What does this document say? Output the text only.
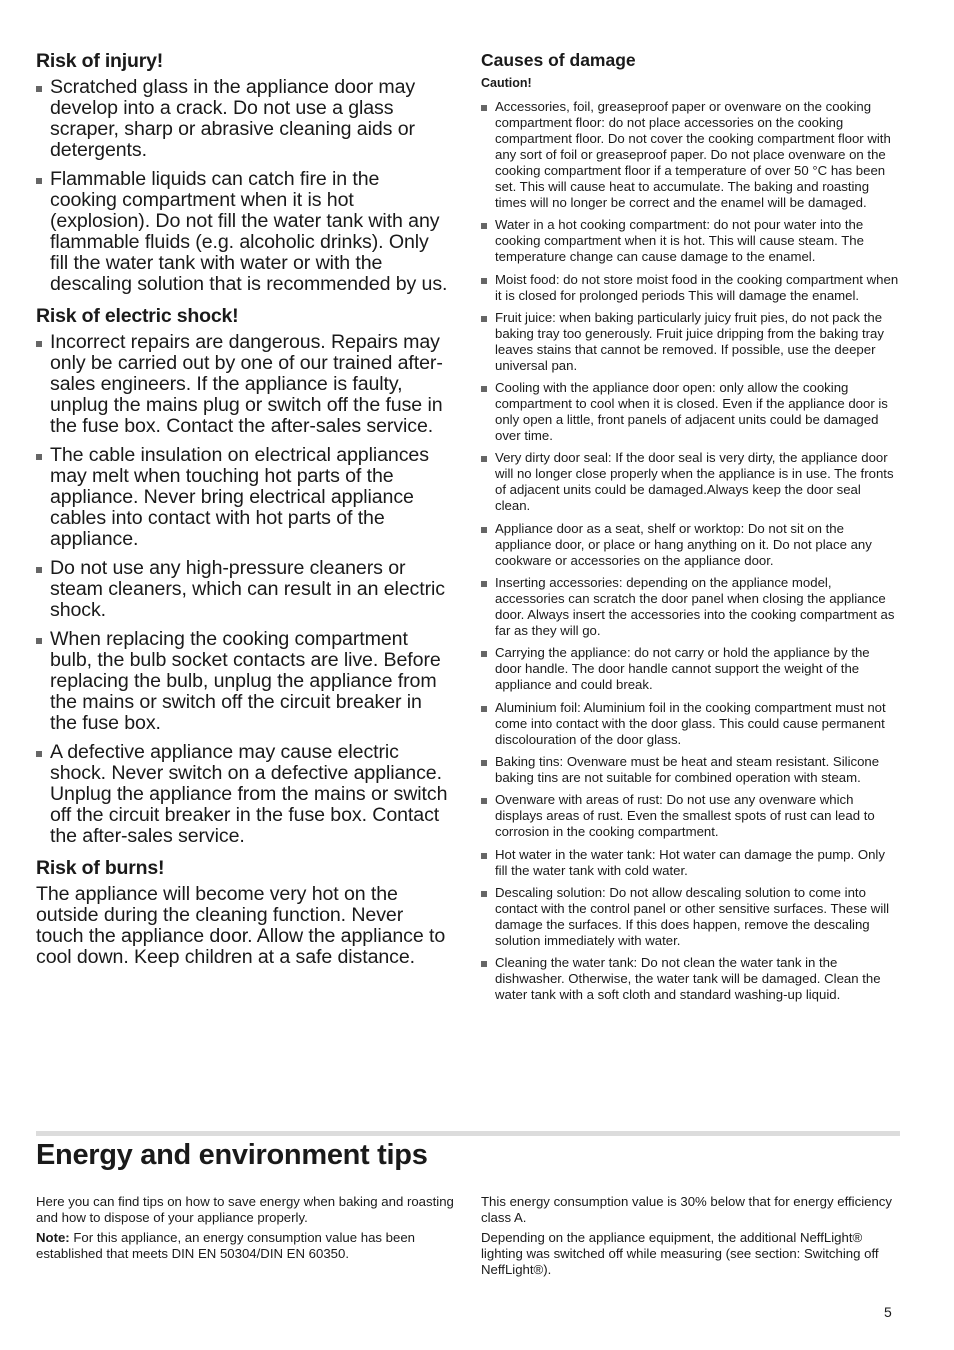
Risk of injury!
Scratched glass in the appliance door may develop into a crack. Do not use a glass scraper, sharp or abrasive cleaning aids or detergents.
Flammable liquids can catch fire in the cooking compartment when it is hot (explosion). Do not fill the water tank with any flammable fluids (e.g. alcoholic drinks). Only fill the water tank with water or with the descaling solution that is recommended by us.
Risk of electric shock!
Incorrect repairs are dangerous. Repairs may only be carried out by one of our trained after-sales engineers. If the appliance is faulty, unplug the mains plug or switch off the fuse in the fuse box. Contact the after-sales service.
The cable insulation on electrical appliances may melt when touching hot parts of the appliance. Never bring electrical appliance cables into contact with hot parts of the appliance.
Do not use any high-pressure cleaners or steam cleaners, which can result in an electric shock.
When replacing the cooking compartment bulb, the bulb socket contacts are live. Before replacing the bulb, unplug the appliance from the mains or switch off the circuit breaker in the fuse box.
A defective appliance may cause electric shock. Never switch on a defective appliance. Unplug the appliance from the mains or switch off the circuit breaker in the fuse box. Contact the after-sales service.
Risk of burns!

The appliance will become very hot on the outside during the cleaning function. Never touch the appliance door. Allow the appliance to cool down. Keep children at a safe distance.

Causes of damage
Caution!
Accessories, foil, greaseproof paper or ovenware on the cooking compartment floor: do not place accessories on the cooking compartment floor. Do not cover the cooking compartment floor with any sort of foil or greaseproof paper. Do not place ovenware on the cooking compartment floor if a temperature of over 50 °C has been set. This will cause heat to accumulate. The baking and roasting times will no longer be correct and the enamel will be damaged.
Water in a hot cooking compartment: do not pour water into the cooking compartment when it is hot. This will cause steam. The temperature change can cause damage to the enamel.
Moist food: do not store moist food in the cooking compartment when it is closed for prolonged periods This will damage the enamel.
Fruit juice: when baking particularly juicy fruit pies, do not pack the baking tray too generously. Fruit juice dripping from the baking tray leaves stains that cannot be removed. If possible, use the deeper universal pan.
Cooling with the appliance door open: only allow the cooking compartment to cool when it is closed. Even if the appliance door is only open a little, front panels of adjacent units could be damaged over time.
Very dirty door seal: If the door seal is very dirty, the appliance door will no longer close properly when the appliance is in use. The fronts of adjacent units could be damaged.Always keep the door seal clean.
Appliance door as a seat, shelf or worktop: Do not sit on the appliance door, or place or hang anything on it. Do not place any cookware or accessories on the appliance door.
Inserting accessories: depending on the appliance model, accessories can scratch the door panel when closing the appliance door. Always insert the accessories into the cooking compartment as far as they will go.
Carrying the appliance: do not carry or hold the appliance by the door handle. The door handle cannot support the weight of the appliance and could break.
Aluminium foil: Aluminium foil in the cooking compartment must not come into contact with the door glass. This could cause permanent discolouration of the door glass.
Baking tins: Ovenware must be heat and steam resistant. Silicone baking tins are not suitable for combined operation with steam.
Ovenware with areas of rust: Do not use any ovenware which displays areas of rust. Even the smallest spots of rust can lead to corrosion in the cooking compartment.
Hot water in the water tank: Hot water can damage the pump. Only fill the water tank with cold water.
Descaling solution: Do not allow descaling solution to come into contact with the control panel or other sensitive surfaces. These will damage the surfaces. If this does happen, remove the descaling solution immediately with water.
Cleaning the water tank: Do not clean the water tank in the dishwasher. Otherwise, the water tank will be damaged. Clean the water tank with a soft cloth and standard washing-up liquid.
Energy and environment tips

Here you can find tips on how to save energy when baking and roasting and how to dispose of your appliance properly.

Note: For this appliance, an energy consumption value has been established that meets DIN EN 50304/DIN EN 60350.

This energy consumption value is 30% below that for energy efficiency class A.

Depending on the appliance equipment, the additional NeffLight® lighting was switched off while measuring (see section: Switching off NeffLight®).

5
